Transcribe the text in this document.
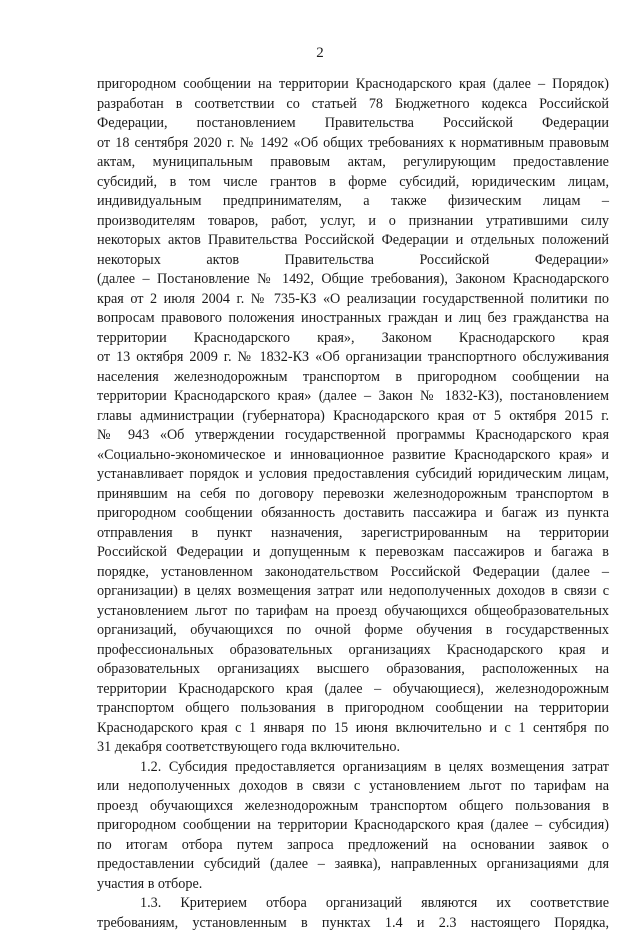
2
пригородном сообщении на территории Краснодарского края (далее – Порядок)
разработан в соответствии со статьей 78 Бюджетного кодекса Российской
Федерации, постановлением Правительства Российской Федерации
от 18 сентября 2020 г. № 1492 «Об общих требованиях к нормативным правовым
актам, муниципальным правовым актам, регулирующим предоставление
субсидий, в том числе грантов в форме субсидий, юридическим лицам,
индивидуальным предпринимателям, а также физическим лицам –
производителям товаров, работ, услуг, и о признании утратившими силу
некоторых актов Правительства Российской Федерации и отдельных положений
некоторых актов Правительства Российской Федерации»
(далее – Постановление № 1492, Общие требования), Законом Краснодарского
края от 2 июля 2004 г. № 735-КЗ «О реализации государственной политики по
вопросам правового положения иностранных граждан и лиц без гражданства на
территории Краснодарского края», Законом Краснодарского края
от 13 октября 2009 г. № 1832-КЗ «Об организации транспортного обслуживания
населения железнодорожным транспортом в пригородном сообщении на
территории Краснодарского края» (далее – Закон № 1832-КЗ), постановлением
главы администрации (губернатора) Краснодарского края от 5 октября 2015 г.
№ 943 «Об утверждении государственной программы Краснодарского края
«Социально-экономическое и инновационное развитие Краснодарского края» и
устанавливает порядок и условия предоставления субсидий юридическим лицам,
принявшим на себя по договору перевозки железнодорожным транспортом в
пригородном сообщении обязанность доставить пассажира и багаж из пункта
отправления в пункт назначения, зарегистрированным на территории
Российской Федерации и допущенным к перевозкам пассажиров и багажа в
порядке, установленном законодательством Российской Федерации (далее –
организации) в целях возмещения затрат или недополученных доходов в связи с
установлением льгот по тарифам на проезд обучающихся общеобразовательных
организаций, обучающихся по очной форме обучения в государственных
профессиональных образовательных организациях Краснодарского края и
образовательных организациях высшего образования, расположенных на
территории Краснодарского края (далее – обучающиеся), железнодорожным
транспортом общего пользования в пригородном сообщении на территории
Краснодарского края с 1 января по 15 июня включительно и с 1 сентября по
31 декабря соответствующего года включительно.
1.2. Субсидия предоставляется организациям в целях возмещения затрат
или недополученных доходов в связи с установлением льгот по тарифам на
проезд обучающихся железнодорожным транспортом общего пользования в
пригородном сообщении на территории Краснодарского края (далее – субсидия)
по итогам отбора путем запроса предложений на основании заявок о
предоставлении субсидий (далее – заявка), направленных организациями для
участия в отборе.
1.3. Критерием отбора организаций являются их соответствие
требованиям, установленным в пунктах 1.4 и 2.3 настоящего Порядка,
